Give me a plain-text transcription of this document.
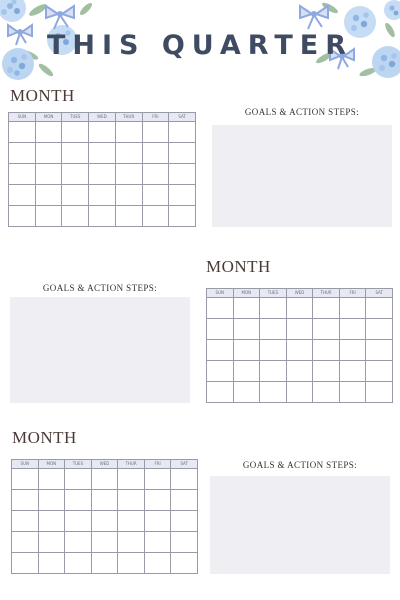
THIS QUARTER

MONTH

SUN	MON	TUES	WED	THUR	FRI	SAT

							GOALS & ACTION STEPS:

MONTH

SUN	MON	TUES	WED	THUR	FRI	SAT

GOALS & ACTION STEPS:

MONTH

SUN	MON	TUES	WED	THUR	FRI	SAT

							GOALS & ACTION STEPS:
